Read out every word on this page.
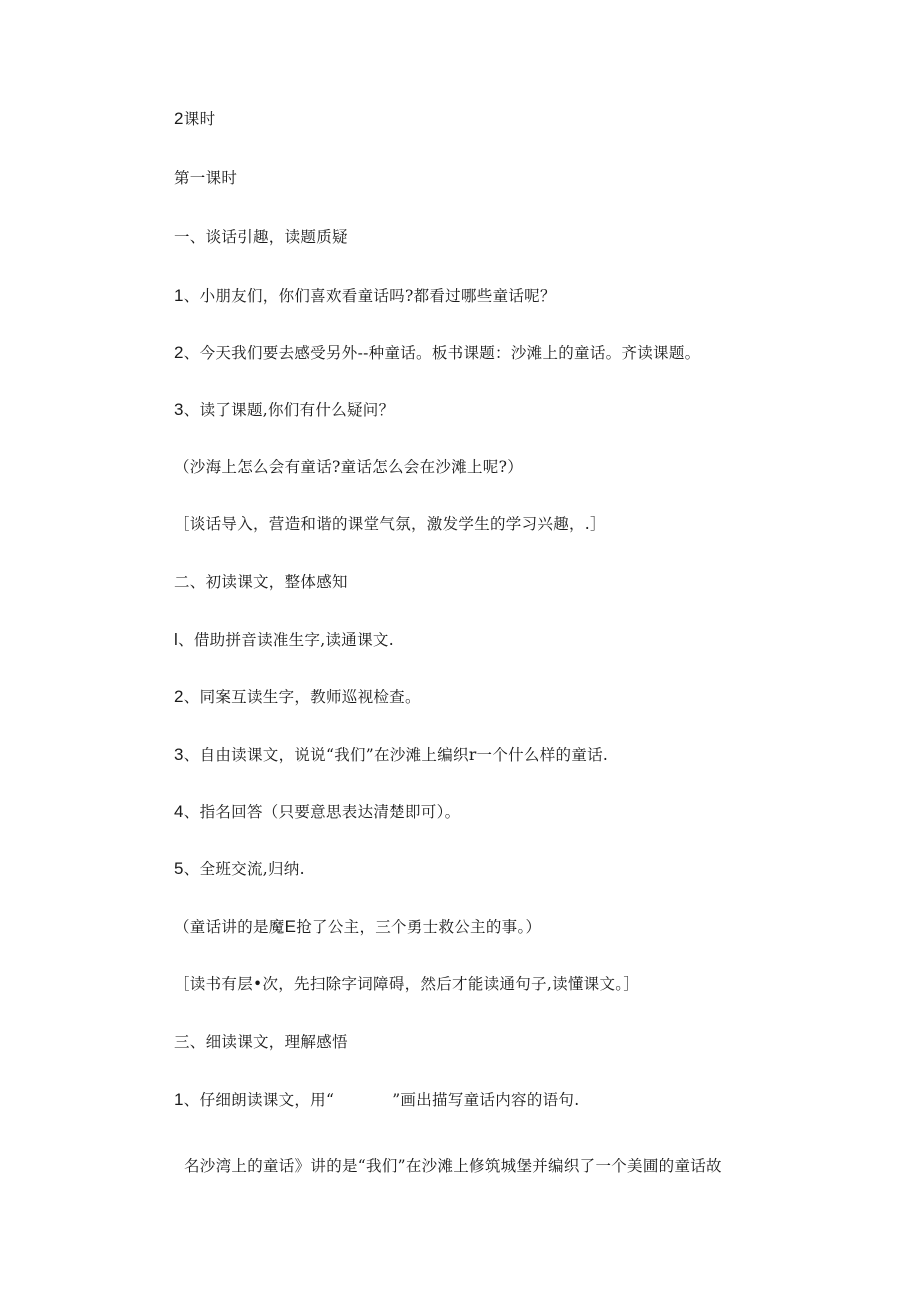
2课时
第一课时
一、谈话引趣，读题质疑
1、小朋友们，你们喜欢看童话吗?都看过哪些童话呢？
2、今天我们要去感受另外--种童话。板书课题：沙滩上的童话。齐读课题。
3、读了课题,你们有什么疑问？
（沙海上怎么会有童话?童话怎么会在沙滩上呢?）
［谈话导入，营造和谐的课堂气氛，激发学生的学习兴趣，.］
二、初读课文，整体感知
l、借助拼音读准生字,读通课文.
2、同案互读生字，教师巡视检查。
3、自由读课文，说说“我们”在沙滩上编织r一个什么样的童话.
4、指名回答（只要意思表达清楚即可）。
5、全班交流,归纳.
（童话讲的是魔E抢了公主，三个勇士救公主的事。）
［读书有层•次，先扫除字词障碍，然后才能读通句子,读懂课文。］
三、细读课文，理解感悟
1、仔细朗读课文，用“	”画出描写童话内容的语句.
名沙湾上的童话》讲的是“我们”在沙滩上修筑城堡并编织了一个美圃的童话故
